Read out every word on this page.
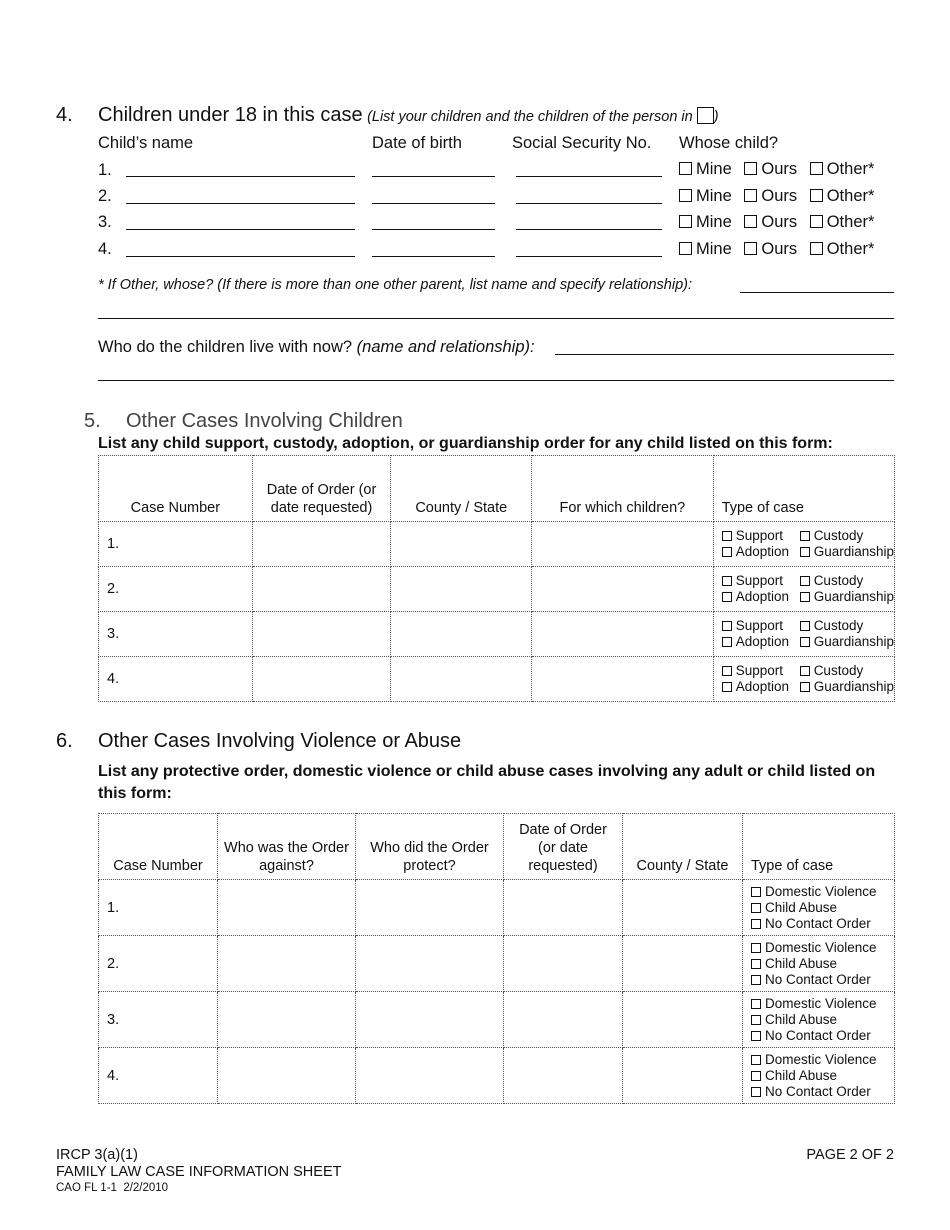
4. Children under 18 in this case (List your children and the children of the person in )
Child’s name	Date of birth	Social Security No. Whose child?
1.	Mine Ours Other*
2.	Mine Ours Other*
3.	Mine Ours Other*
4.	Mine Ours Other*
* If Other, whose? (If there is more than one other parent, list name and specify relationship):
Who do the children live with now? (name and relationship):
5. Other Cases Involving Children
List any child support, custody, adoption, or guardianship order for any child listed on this form:
Case Number	Date of Order (or date requested)	County / State	For which children?	Type of case
1.				Support Custody
Adoption Guardianship

2.				Support Custody
Adoption Guardianship

3.				Support Custody
Adoption Guardianship

4.				Support Custody
Adoption Guardianship
6. Other Cases Involving Violence or Abuse
List any protective order, domestic violence or child abuse cases involving any adult or child listed on this form:
Case Number	Who was the Order against?	Who did the Order protect?	Date of Order (or date requested)	County / State	Type of case
1.					Domestic Violence
Child Abuse
No Contact Order

2.					Domestic Violence
Child Abuse
No Contact Order

3.					Domestic Violence
Child Abuse
No Contact Order

4.					Domestic Violence
Child Abuse
No Contact Order
IRCP 3(a)(1)
FAMILY LAW CASE INFORMATION SHEET
CAO FL 1-1  2/2/2010
PAGE 2 OF 2
